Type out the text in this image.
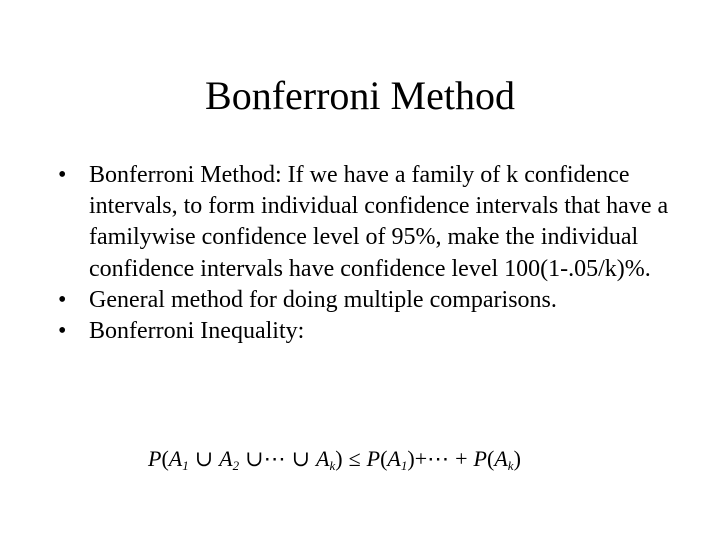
Bonferroni Method
• Bonferroni Method: If we have a family of k confidence intervals, to form individual confidence intervals that have a familywise confidence level of 95%, make the individual confidence intervals have confidence level 100(1-.05/k)%.
• General method for doing multiple comparisons.
• Bonferroni Inequality:
$P(A_1$ ∪ $A_2$ ∪⋯ ∪ $A_k$) ≤ $P(A_1)+\cdots + P(A_k)$
